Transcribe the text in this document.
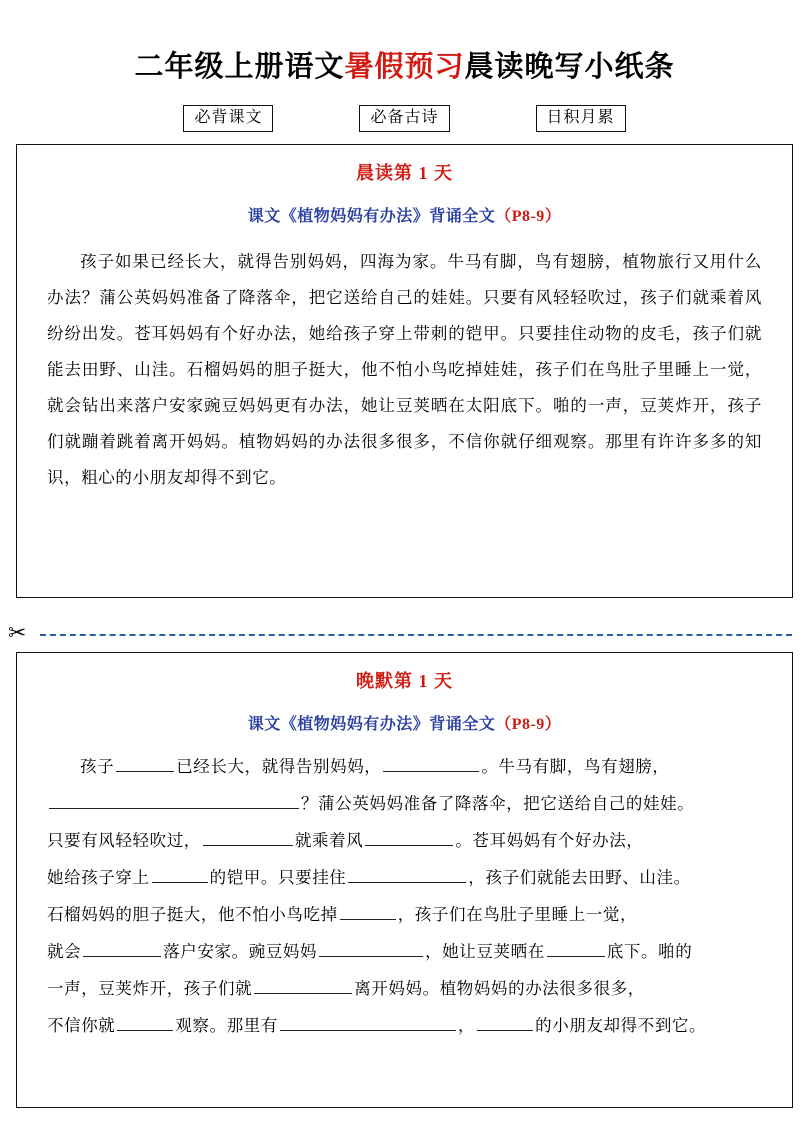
二年级上册语文暑假预习晨读晚写小纸条
必背课文	必备古诗	日积月累
晨读第 1 天
课文《植物妈妈有办法》背诵全文（P8-9）
孩子如果已经长大，就得告别妈妈，四海为家。牛马有脚，鸟有翅膀，植物旅行又用什么办法？蒲公英妈妈准备了降落伞，把它送给自己的娃娃。只要有风轻轻吹过，孩子们就乘着风纷纷出发。苍耳妈妈有个好办法，她给孩子穿上带刺的铠甲。只要挂住动物的皮毛，孩子们就能去田野、山洼。石榴妈妈的胆子挺大，他不怕小鸟吃掉娃娃，孩子们在鸟肚子里睡上一觉，就会钻出来落户安家豌豆妈妈更有办法，她让豆荚晒在太阳底下。啪的一声，豆荚炸开，孩子们就蹦着跳着离开妈妈。植物妈妈的办法很多很多，不信你就仔细观察。那里有许许多多的知识，粗心的小朋友却得不到它。
✂
晚默第 1 天
课文《植物妈妈有办法》背诵全文（P8-9）
孩子	已经长大，就得告别妈妈，	。牛马有脚，鸟有翅膀，
？蒲公英妈妈准备了降落伞，把它送给自己的娃娃。
只要有风轻轻吹过，	就乘着风	。苍耳妈妈有个好办法，
她给孩子穿上	的铠甲。只要挂住	，孩子们就能去田野、山洼。
石榴妈妈的胆子挺大，他不怕小鸟吃掉	，孩子们在鸟肚子里睡上一觉，
就会	落户安家。豌豆妈妈	，她让豆荚晒在	底下。啪的
一声，豆荚炸开，孩子们就	离开妈妈。植物妈妈的办法很多很多，
不信你就	观察。那里有	，	的小朋友却得不到它。
